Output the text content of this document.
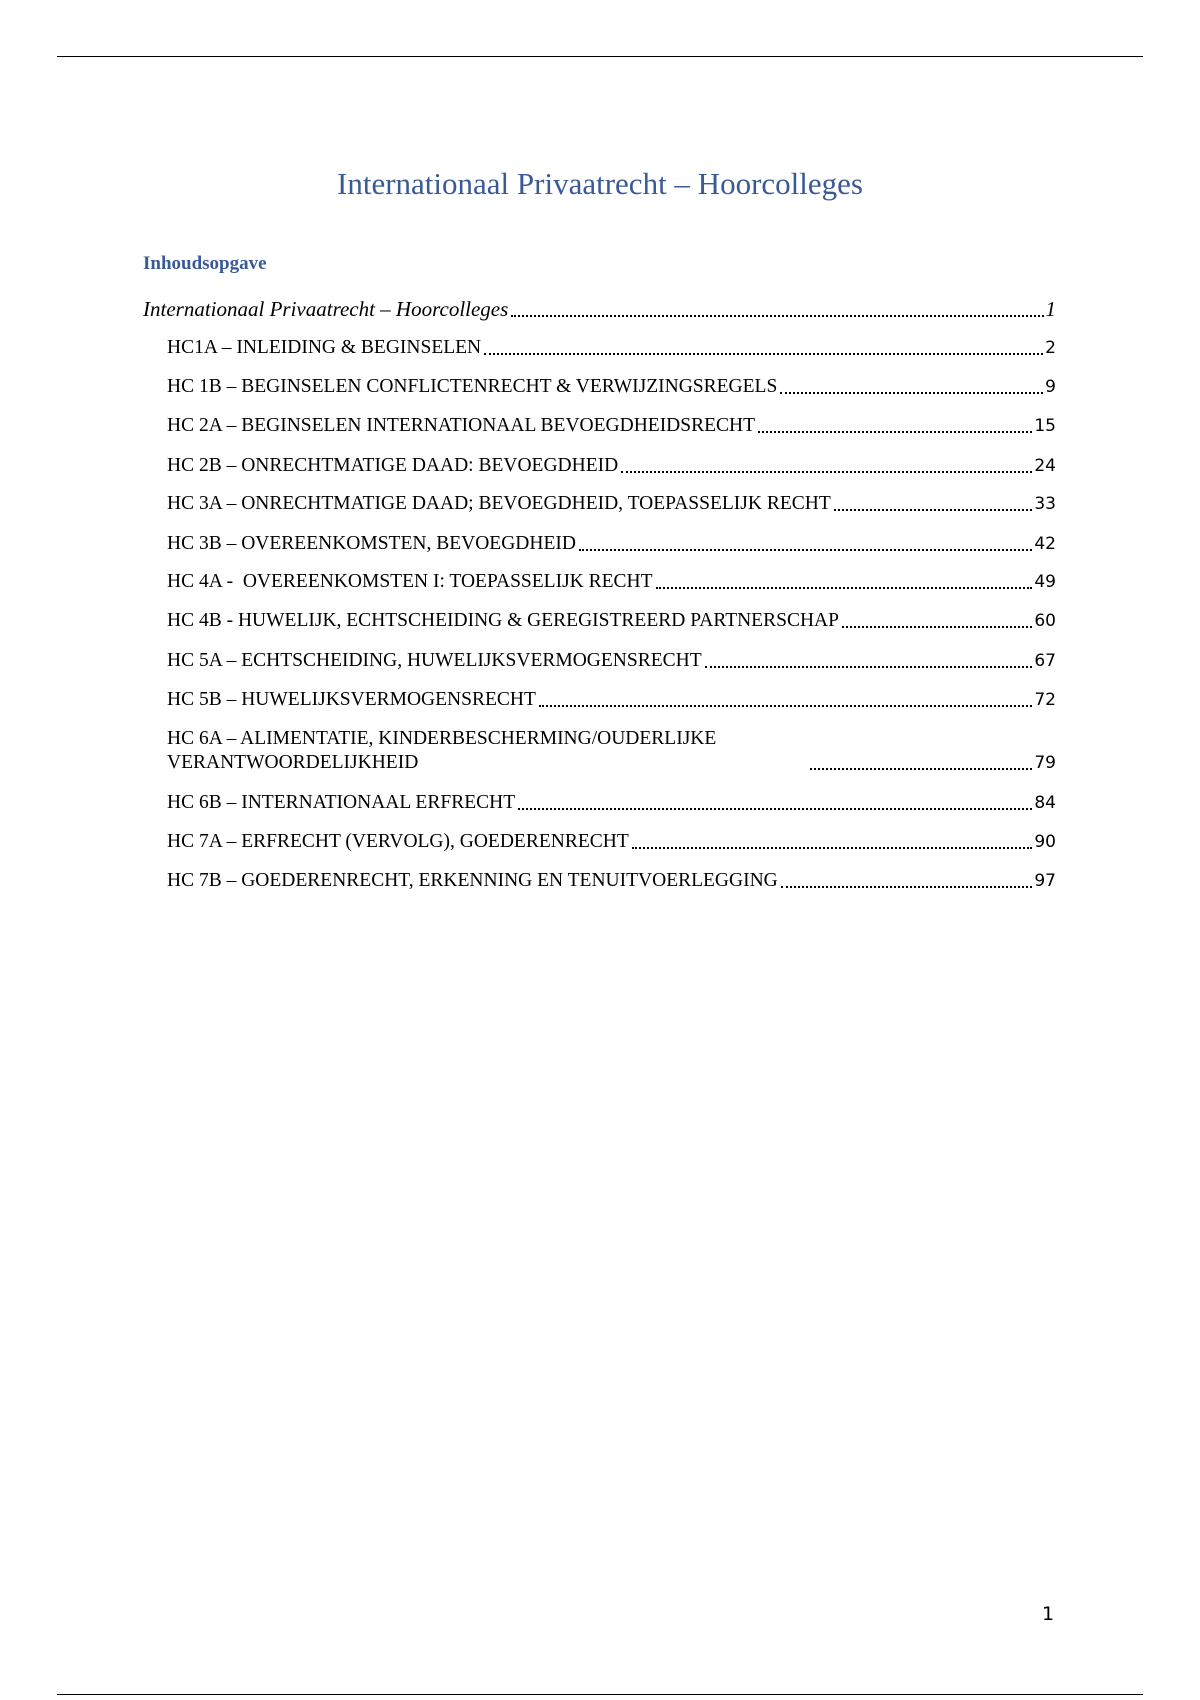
Internationaal Privaatrecht – Hoorcolleges
Inhoudsopgave
Internationaal Privaatrecht – Hoorcolleges	1
HC1A – INLEIDING & BEGINSELEN	2
HC 1B – BEGINSELEN CONFLICTENRECHT & VERWIJZINGSREGELS	9
HC 2A – BEGINSELEN INTERNATIONAAL BEVOEGDHEIDSRECHT	15
HC 2B – ONRECHTMATIGE DAAD: BEVOEGDHEID	24
HC 3A – ONRECHTMATIGE DAAD; BEVOEGDHEID, TOEPASSELIJK RECHT	33
HC 3B – OVEREENKOMSTEN, BEVOEGDHEID	42
HC 4A -  OVEREENKOMSTEN I: TOEPASSELIJK RECHT	49
HC 4B - HUWELIJK, ECHTSCHEIDING & GEREGISTREERD PARTNERSCHAP	60
HC 5A – ECHTSCHEIDING, HUWELIJKSVERMOGENSRECHT	67
HC 5B – HUWELIJKSVERMOGENSRECHT	72
HC 6A – ALIMENTATIE, KINDERBESCHERMING/OUDERLIJKE VERANTWOORDELIJKHEID	79
HC 6B – INTERNATIONAAL ERFRECHT	84
HC 7A – ERFRECHT (VERVOLG), GOEDERENRECHT	90
HC 7B – GOEDERENRECHT, ERKENNING EN TENUITVOERLEGGING	97
1
